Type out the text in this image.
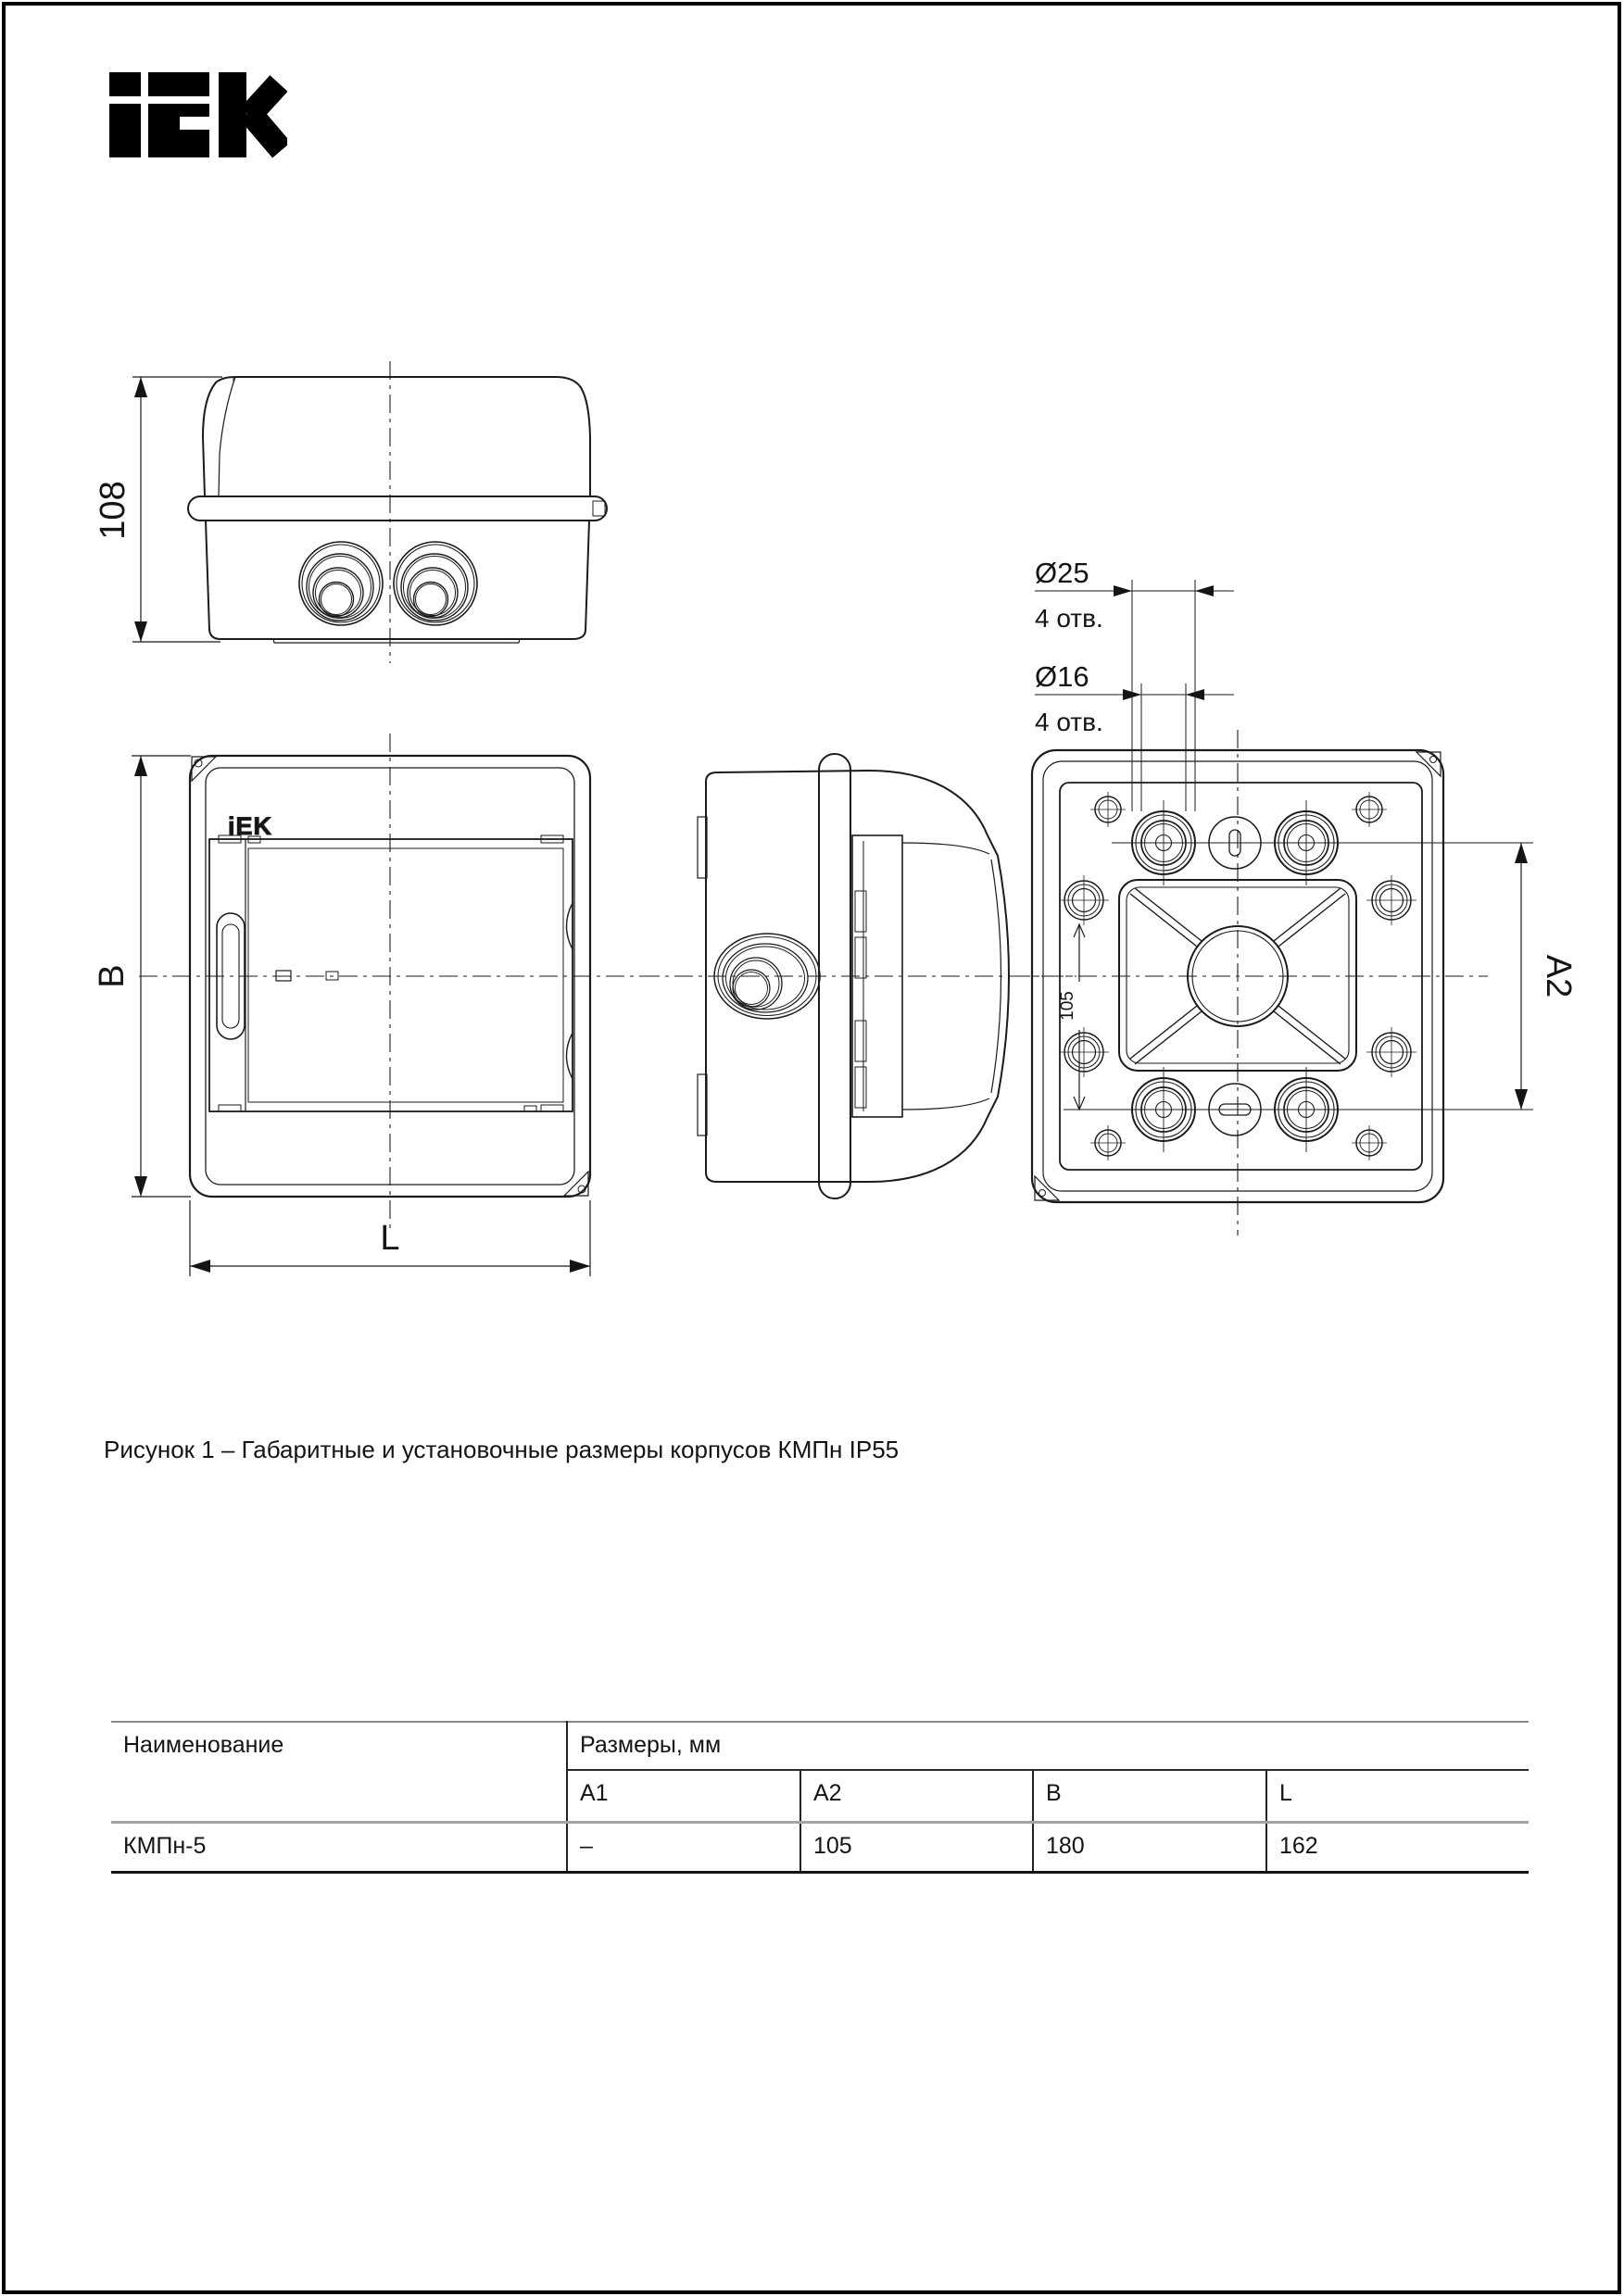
108
iEK
B
L
105
A2
Ø25
4 отв.
Ø16
4 отв.
Рисунок 1 – Габаритные и установочные размеры корпусов КМПн IP55
Наименование	Размеры, мм			
	А1	А2	B	L
КМПн-5	–	105	180	162
